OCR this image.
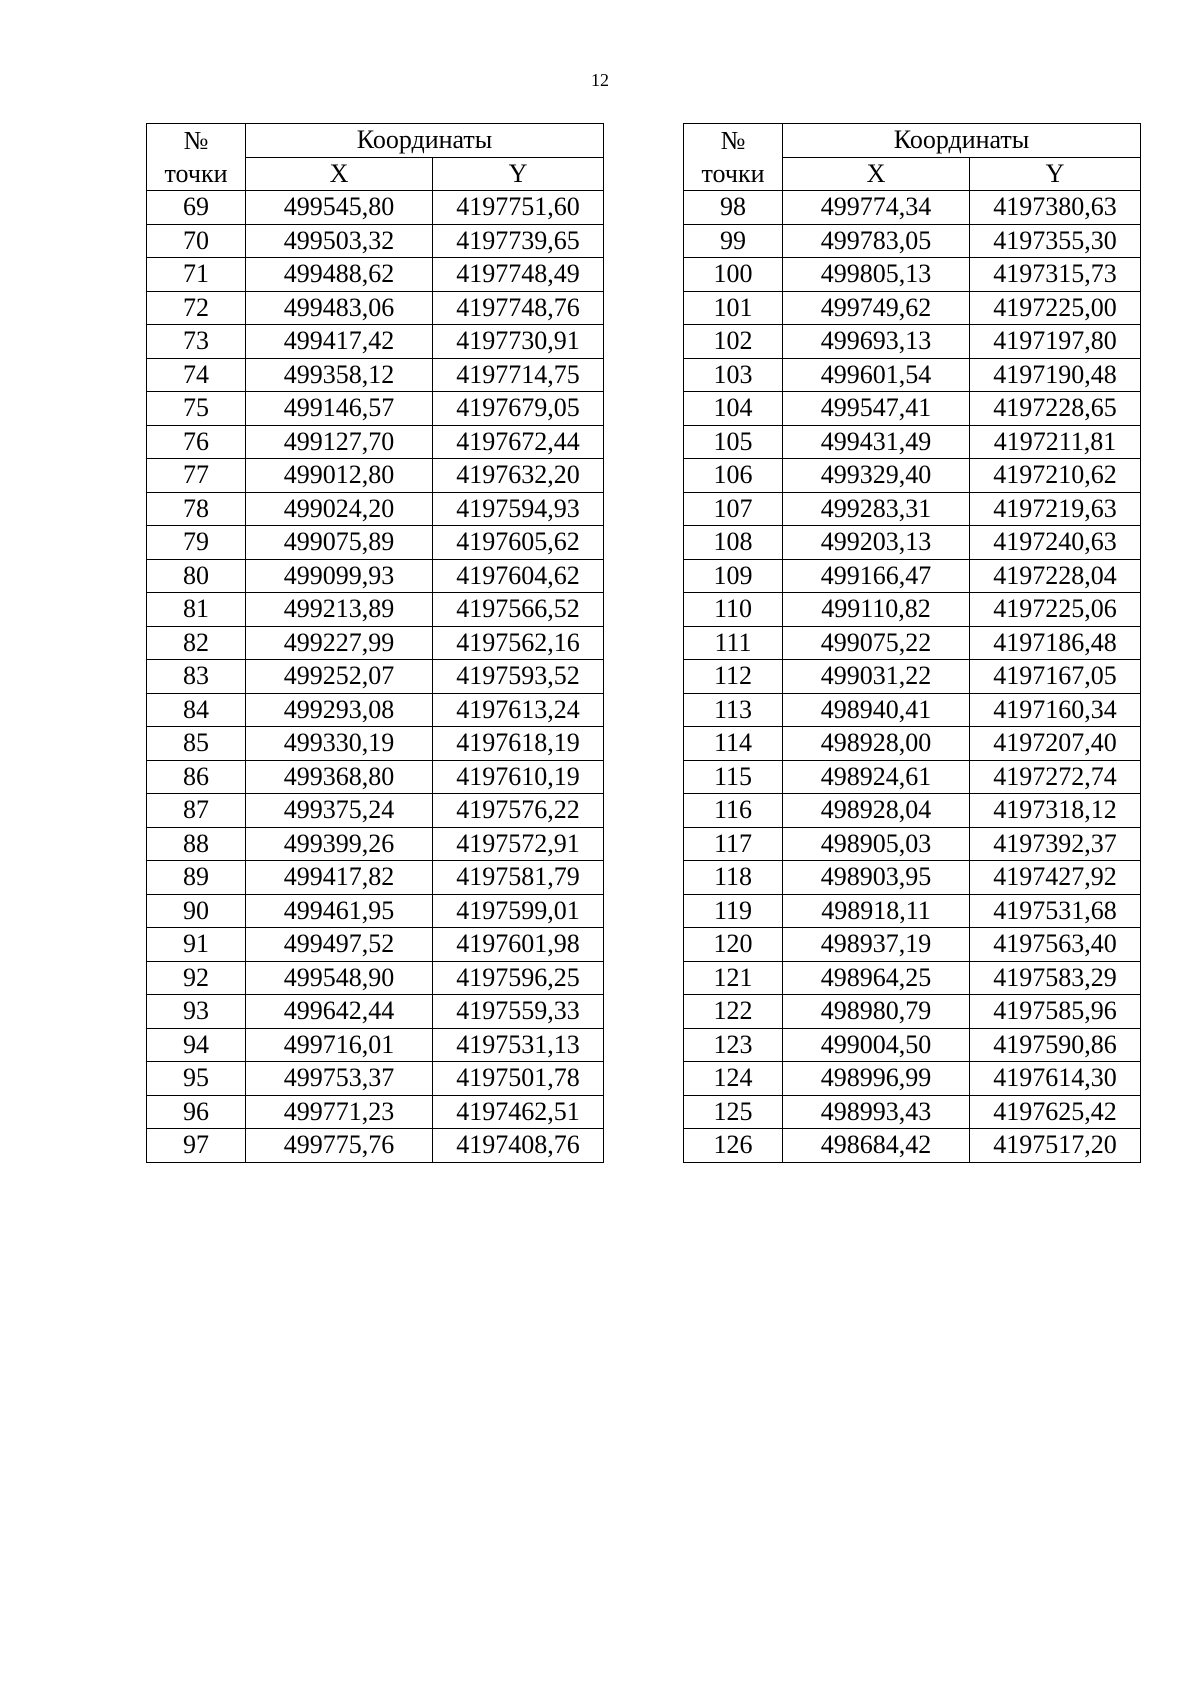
12
№	Координаты	
точки	X	Y
69	499545,80	4197751,60
70	499503,32	4197739,65
71	499488,62	4197748,49
72	499483,06	4197748,76
73	499417,42	4197730,91
74	499358,12	4197714,75
75	499146,57	4197679,05
76	499127,70	4197672,44
77	499012,80	4197632,20
78	499024,20	4197594,93
79	499075,89	4197605,62
80	499099,93	4197604,62
81	499213,89	4197566,52
82	499227,99	4197562,16
83	499252,07	4197593,52
84	499293,08	4197613,24
85	499330,19	4197618,19
86	499368,80	4197610,19
87	499375,24	4197576,22
88	499399,26	4197572,91
89	499417,82	4197581,79
90	499461,95	4197599,01
91	499497,52	4197601,98
92	499548,90	4197596,25
93	499642,44	4197559,33
94	499716,01	4197531,13
95	499753,37	4197501,78
96	499771,23	4197462,51
97	499775,76	4197408,76
№	Координаты	
точки	X	Y
98	499774,34	4197380,63
99	499783,05	4197355,30
100	499805,13	4197315,73
101	499749,62	4197225,00
102	499693,13	4197197,80
103	499601,54	4197190,48
104	499547,41	4197228,65
105	499431,49	4197211,81
106	499329,40	4197210,62
107	499283,31	4197219,63
108	499203,13	4197240,63
109	499166,47	4197228,04
110	499110,82	4197225,06
111	499075,22	4197186,48
112	499031,22	4197167,05
113	498940,41	4197160,34
114	498928,00	4197207,40
115	498924,61	4197272,74
116	498928,04	4197318,12
117	498905,03	4197392,37
118	498903,95	4197427,92
119	498918,11	4197531,68
120	498937,19	4197563,40
121	498964,25	4197583,29
122	498980,79	4197585,96
123	499004,50	4197590,86
124	498996,99	4197614,30
125	498993,43	4197625,42
126	498684,42	4197517,20
